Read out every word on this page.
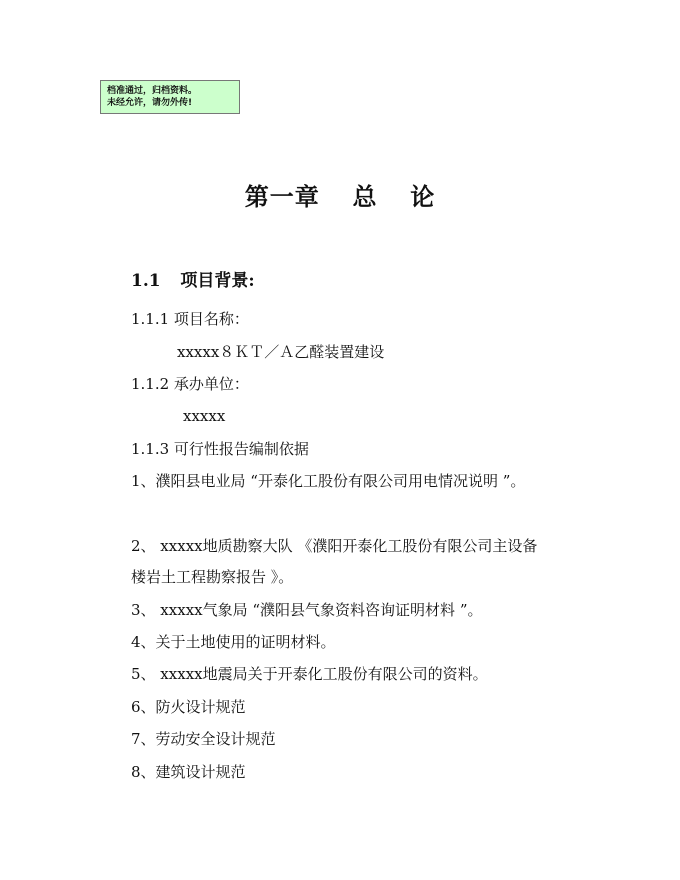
档准通过，归档资料。
未经允许，请勿外传!
第一章 总 论
1.1 项目背景:
1.1.1 项目名称：
xxxxx８ＫＴ／Ａ乙醛装置建设
1.1.2 承办单位：
xxxxx
1.1.3 可行性报告编制依据
1、濮阳县电业局 “开泰化工股份有限公司用电情况说明 ”。
2、 xxxxx地质勘察大队 《濮阳开泰化工股份有限公司主设备
楼岩土工程勘察报告 》。
3、 xxxxx气象局 “濮阳县气象资料咨询证明材料 ”。
4、关于土地使用的证明材料。
5、 xxxxx地震局关于开泰化工股份有限公司的资料。
6、防火设计规范
7、劳动安全设计规范
8、建筑设计规范
